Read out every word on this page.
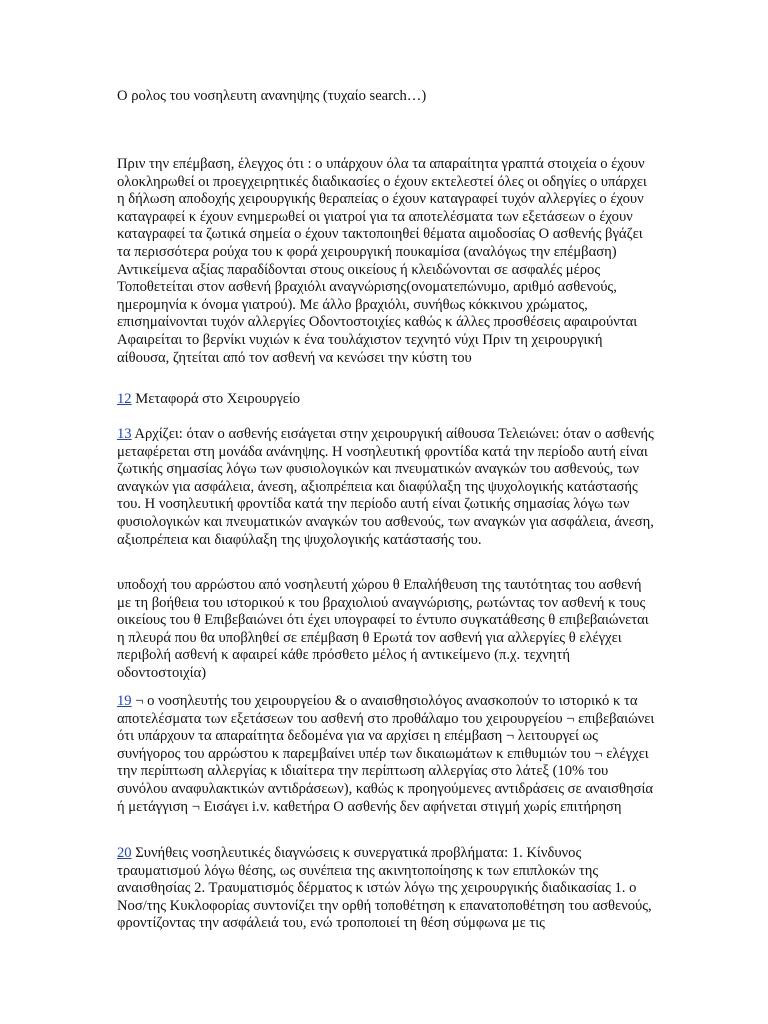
Ο ρολος του νοσηλευτη ανανηψης (τυχαίο search…)

Πριν την επέμβαση, έλεγχος ότι : ο υπάρχουν όλα τα απαραίτητα γραπτά στοιχεία ο έχουν ολοκληρωθεί οι προεγχειρητικές διαδικασίες ο έχουν εκτελεστεί όλες οι οδηγίες ο υπάρχει η δήλωση αποδοχής χειρουργικής θεραπείας ο έχουν καταγραφεί τυχόν αλλεργίες ο έχουν καταγραφεί κ έχουν ενημερωθεί οι γιατροί για τα αποτελέσματα των εξετάσεων ο έχουν καταγραφεί τα ζωτικά σημεία ο έχουν τακτοποιηθεί θέματα αιμοδοσίας Ο ασθενής βγάζει τα περισσότερα ρούχα του κ φορά χειρουργική πουκαμίσα (αναλόγως την επέμβαση) Αντικείμενα αξίας παραδίδονται στους οικείους ή κλειδώνονται σε ασφαλές μέρος Τοποθετείται στον ασθενή βραχιόλι αναγνώρισης(ονοματεπώνυμο, αριθμό ασθενούς, ημερομηνία κ όνομα γιατρού). Με άλλο βραχιόλι, συνήθως κόκκινου χρώματος, επισημαίνονται τυχόν αλλεργίες Οδοντοστοιχίες καθώς κ άλλες προσθέσεις αφαιρούνται Αφαιρείται το βερνίκι νυχιών κ ένα τουλάχιστον τεχνητό νύχι Πριν τη χειρουργική αίθουσα, ζητείται από τον ασθενή να κενώσει την κύστη του

12 Μεταφορά στο Χειρουργείο

13 Αρχίζει: όταν ο ασθενής εισάγεται στην χειρουργική αίθουσα Τελειώνει: όταν ο ασθενής μεταφέρεται στη μονάδα ανάνηψης. Η νοσηλευτική φροντίδα κατά την περίοδο αυτή είναι ζωτικής σημασίας λόγω των φυσιολογικών και πνευματικών αναγκών του ασθενούς, των αναγκών για ασφάλεια, άνεση, αξιοπρέπεια και διαφύλαξη της ψυχολογικής κατάστασής του. Η νοσηλευτική φροντίδα κατά την περίοδο αυτή είναι ζωτικής σημασίας λόγω των φυσιολογικών και πνευματικών αναγκών του ασθενούς, των αναγκών για ασφάλεια, άνεση, αξιοπρέπεια και διαφύλαξη της ψυχολογικής κατάστασής του.

υποδοχή του αρρώστου από νοσηλευτή χώρου θ Επαλήθευση της ταυτότητας του ασθενή με τη βοήθεια του ιστορικού κ του βραχιολιού αναγνώρισης, ρωτώντας τον ασθενή κ τους οικείους του θ Επιβεβαιώνει ότι έχει υπογραφεί το έντυπο συγκατάθεσης θ επιβεβαιώνεται η πλευρά που θα υποβληθεί σε επέμβαση θ Ερωτά τον ασθενή για αλλεργίες θ ελέγχει περιβολή ασθενή κ αφαιρεί κάθε πρόσθετο μέλος ή αντικείμενο (π.χ. τεχνητή οδοντοστοιχία)

19 ¬ ο νοσηλευτής του χειρουργείου & ο αναισθησιολόγος ανασκοπούν το ιστορικό κ τα αποτελέσματα των εξετάσεων του ασθενή στο προθάλαμο του χειρουργείου ¬ επιβεβαιώνει ότι υπάρχουν τα απαραίτητα δεδομένα για να αρχίσει η επέμβαση ¬ λειτουργεί ως συνήγορος του αρρώστου κ παρεμβαίνει υπέρ των δικαιωμάτων κ επιθυμιών του ¬ ελέγχει την περίπτωση αλλεργίας κ ιδιαίτερα την περίπτωση αλλεργίας στο λάτεξ (10% του συνόλου αναφυλακτικών αντιδράσεων), καθώς κ προηγούμενες αντιδράσεις σε αναισθησία ή μετάγγιση ¬ Εισάγει i.v. καθετήρα Ο ασθενής δεν αφήνεται στιγμή χωρίς επιτήρηση

20 Συνήθεις νοσηλευτικές διαγνώσεις κ συνεργατικά προβλήματα: 1. Κίνδυνος τραυματισμού λόγω θέσης, ως συνέπεια της ακινητοποίησης κ των επιπλοκών της αναισθησίας 2. Τραυματισμός δέρματος κ ιστών λόγω της χειρουργικής διαδικασίας 1. ο Νοσ/της Κυκλοφορίας συντονίζει την ορθή τοποθέτηση κ επανατοποθέτηση του ασθενούς, φροντίζοντας την ασφάλειά του, ενώ τροποποιεί τη θέση σύμφωνα με τις
